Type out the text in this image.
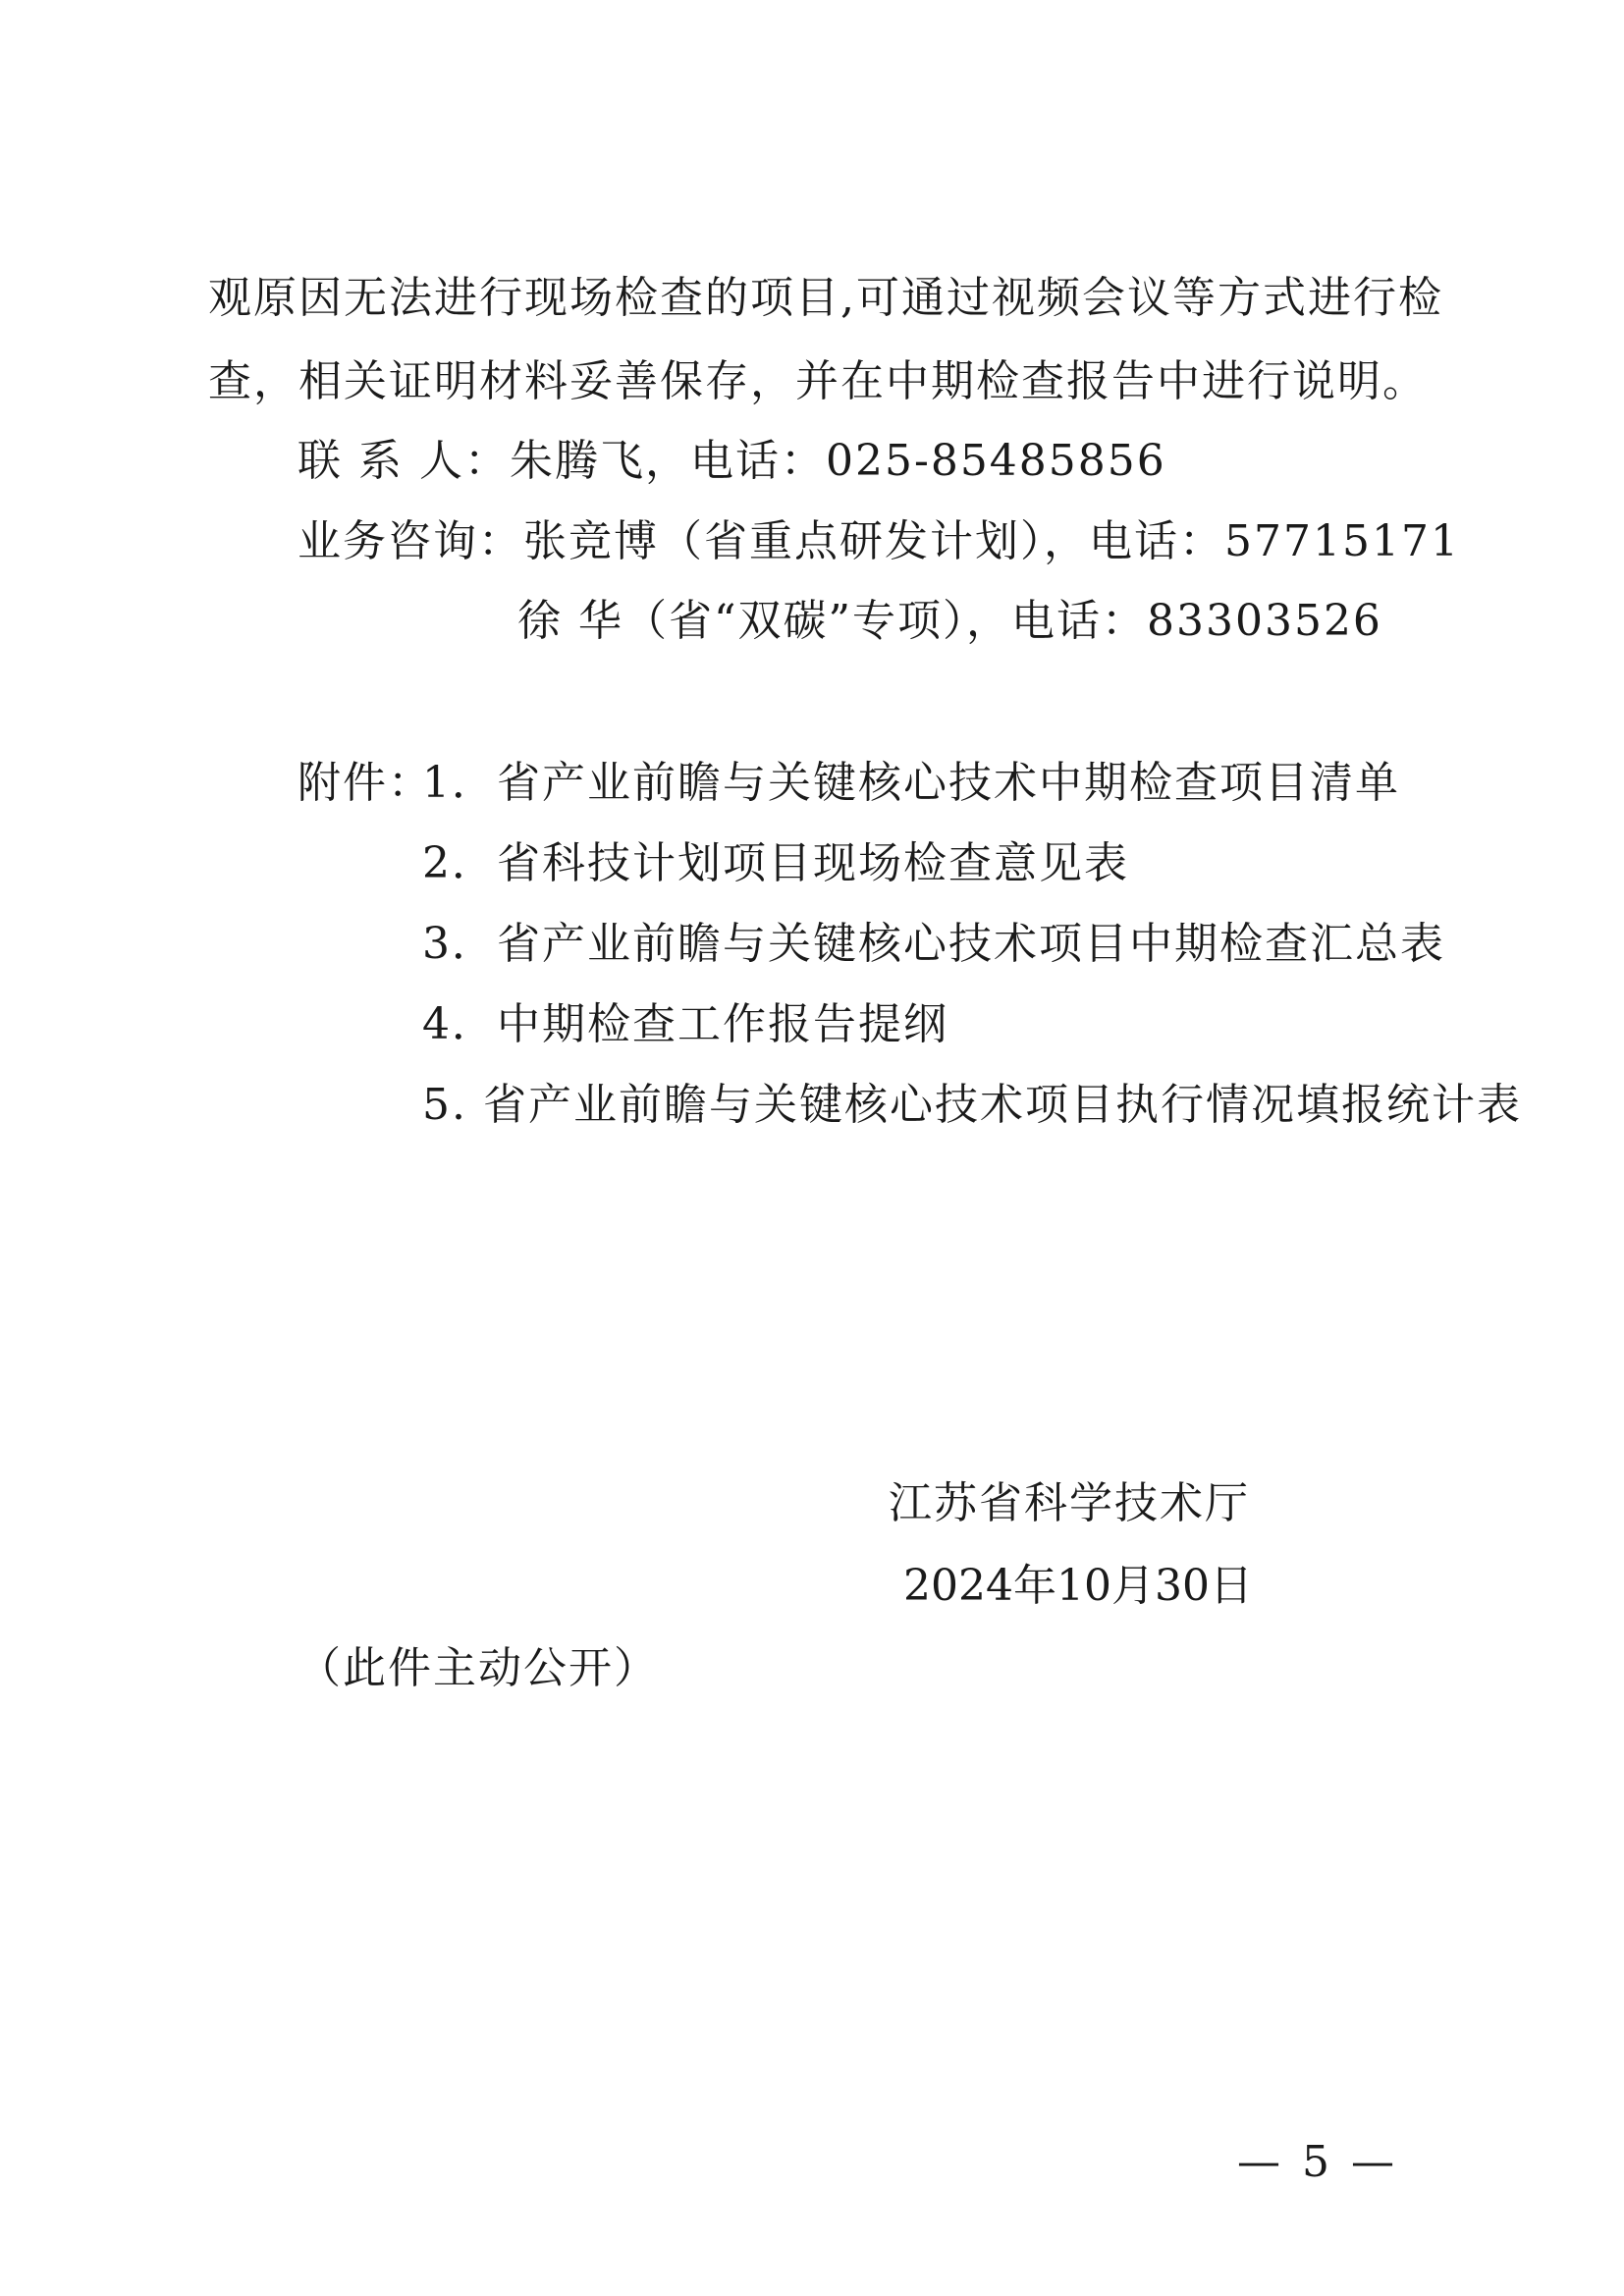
观原因无法进行现场检查的项目,可通过视频会议等方式进行检
查，相关证明材料妥善保存，并在中期检查报告中进行说明。
联 系 人：朱腾飞，电话：025-85485856
业务咨询：张竞博（省重点研发计划），电话：57715171
徐 华（省“双碳”专项），电话：83303526
附件：
1．省产业前瞻与关键核心技术中期检查项目清单
2．省科技计划项目现场检查意见表
3．省产业前瞻与关键核心技术项目中期检查汇总表
4．中期检查工作报告提纲
5. 省产业前瞻与关键核心技术项目执行情况填报统计表
江苏省科学技术厅
2024年10月30日
（此件主动公开）
— 5 —
